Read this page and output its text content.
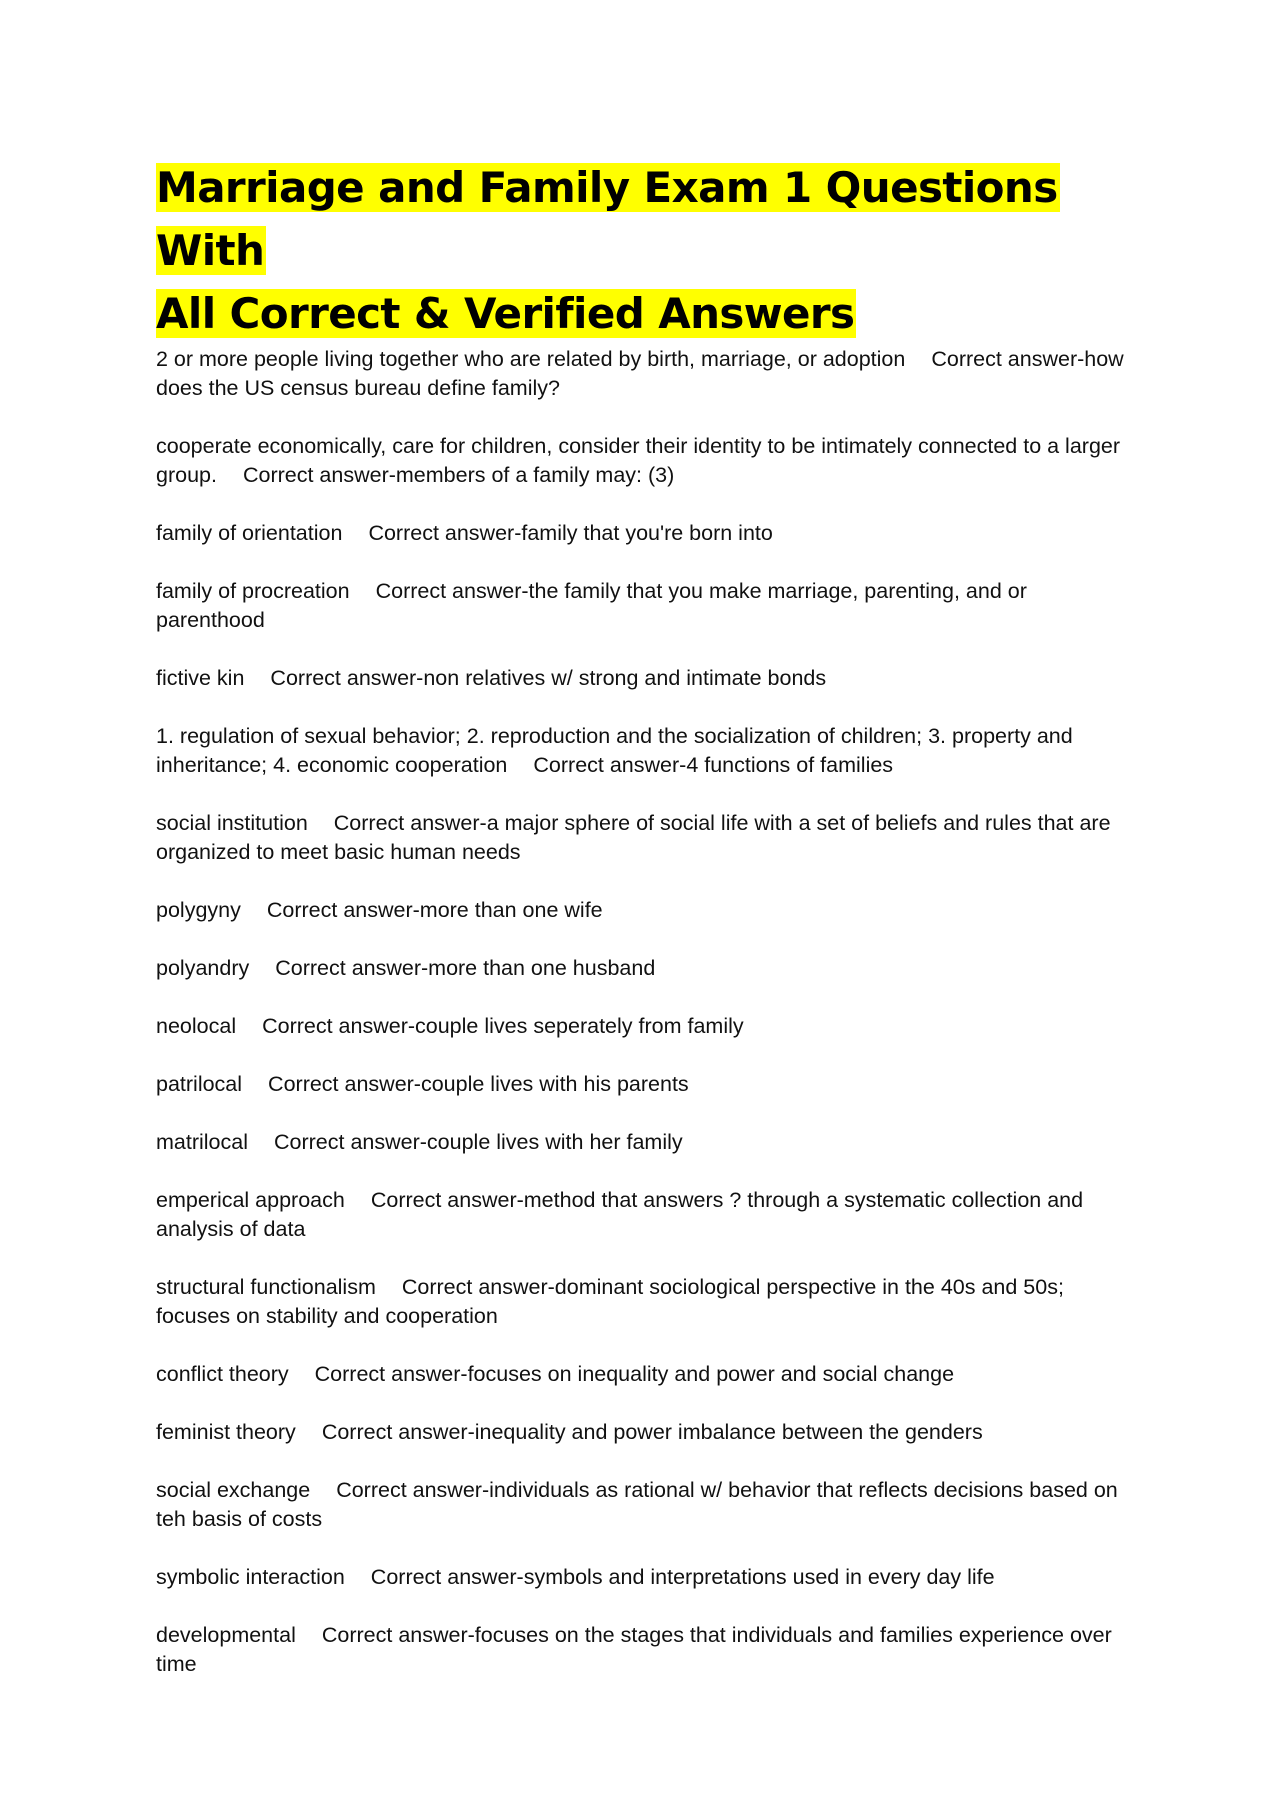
Marriage and Family Exam 1 Questions With
All Correct & Verified Answers

2 or more people living together who are related by birth, marriage, or adoption Correct answer-how does the US census bureau define family?

cooperate economically, care for children, consider their identity to be intimately connected to a larger group. Correct answer-members of a family may: (3)

family of orientation Correct answer-family that you're born into

family of procreation Correct answer-the family that you make marriage, parenting, and or parenthood

fictive kin Correct answer-non relatives w/ strong and intimate bonds

1. regulation of sexual behavior; 2. reproduction and the socialization of children; 3. property and inheritance; 4. economic cooperation Correct answer-4 functions of families

social institution Correct answer-a major sphere of social life with a set of beliefs and rules that are organized to meet basic human needs

polygyny Correct answer-more than one wife

polyandry Correct answer-more than one husband

neolocal Correct answer-couple lives seperately from family

patrilocal Correct answer-couple lives with his parents

matrilocal Correct answer-couple lives with her family

emperical approach Correct answer-method that answers ? through a systematic collection and analysis of data

structural functionalism Correct answer-dominant sociological perspective in the 40s and 50s; focuses on stability and cooperation

conflict theory Correct answer-focuses on inequality and power and social change

feminist theory Correct answer-inequality and power imbalance between the genders

social exchange Correct answer-individuals as rational w/ behavior that reflects decisions based on teh basis of costs

symbolic interaction Correct answer-symbols and interpretations used in every day life

developmental Correct answer-focuses on the stages that individuals and families experience over time
